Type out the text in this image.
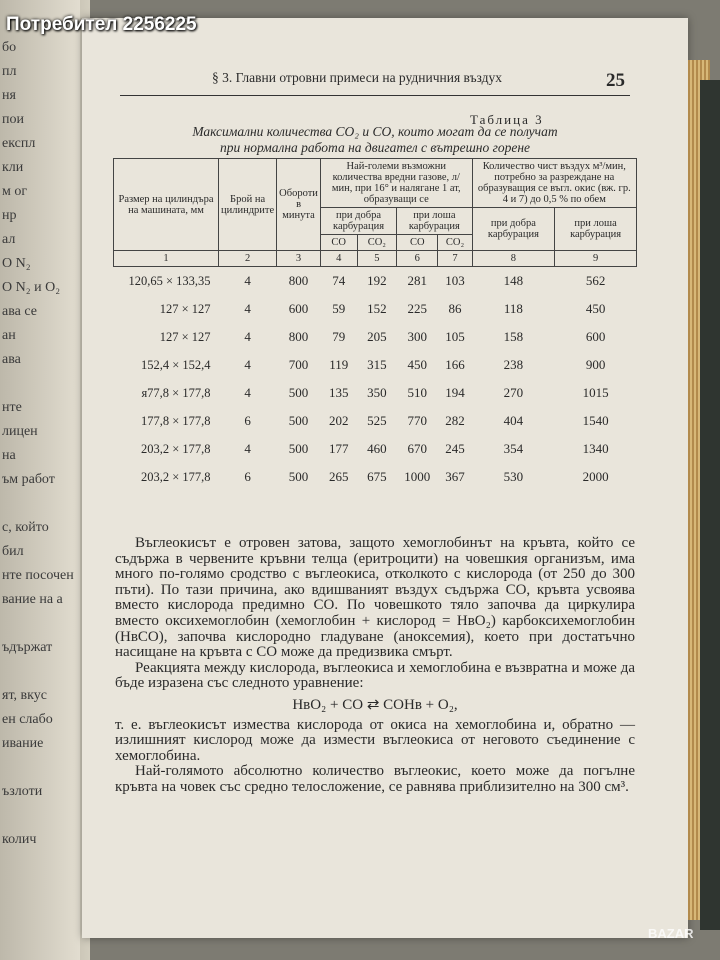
бо
пл
ня
пои
експл
кли
м ог
нр
ал
O N₂
O N₂ и O₂
ава се
ан
ава
нте
лицен
на
ъм работ
с, който
бил
нте посочен
вание на а
ъдържат
ят, вкус
ен слабо
ивание
ъзлоти
колич
§ 3. Главни отровни примеси на рудничния въздух	25
Таблица 3
Максимални количества CO₂ и CO, които могат да се получат
при нормална работа на двигател с вътрешно горене
Размер на цилиндъра на машината, мм	Брой на цилиндрите	Обороти в минута	Най-големи възможни количества вредни газове, л/мин, при 16° и налягане 1 ат, образуващи се				Количество чист въздух м³/мин, потребно за разреждане на образуващия се въгл. окис (вж. гр. 4 и 7) до 0,5 % по обем	
			при добра карбурация		при лоша карбурация		при добра карбурация	при лоша карбурация
			CO	CO₂	CO	CO₂		
1	2	3	4	5	6	7	8	9
120,65 × 133,35	4	800	74	192	281	103	148	562
127 × 127	4	600	59	152	225	86	118	450
127 × 127	4	800	79	205	300	105	158	600
152,4 × 152,4	4	700	119	315	450	166	238	900
я77,8 × 177,8	4	500	135	350	510	194	270	1015
177,8 × 177,8	6	500	202	525	770	282	404	1540
203,2 × 177,8	4	500	177	460	670	245	354	1340
203,2 × 177,8	6	500	265	675	1000	367	530	2000

Въглеокисът е отровен затова, защото хемоглобинът на кръвта, който се съдържа в червените кръвни телца (еритроцити) на човешкия организъм, има много по-голямо сродство с въглеокиса, отколкото с кислорода (от 250 до 300 пъти). По тази причина, ако вдишваният въздух съдържа CO, кръвта усвоява вместо кислорода предимно CO. По човешкото тяло започва да циркулира вместо оксихемоглобин (хемоглобин + кислород = HвO₂) карбоксихемоглобин (HвCO), започва кислородно гладуване (аноксемия), което при достатъчно насищане на кръвта с CO може да предизвика смърт.

Реакцията между кислорода, въглеокиса и хемоглобина е възвратна и може да бъде изразена със следното уравнение:

HвO₂ + CO ⇄ COHв + O₂,

т. е. въглеокисът измества кислорода от окиса на хемоглобина и, обратно — излишният кислород може да измести въглеокиса от неговото съединение с хемоглобина.

Най-голямото абсолютно количество въглеокис, което може да погълне кръвта на човек със средно телосложение, се равнява приблизително на 300 см³.

Потребител 2256225
BAZAR
